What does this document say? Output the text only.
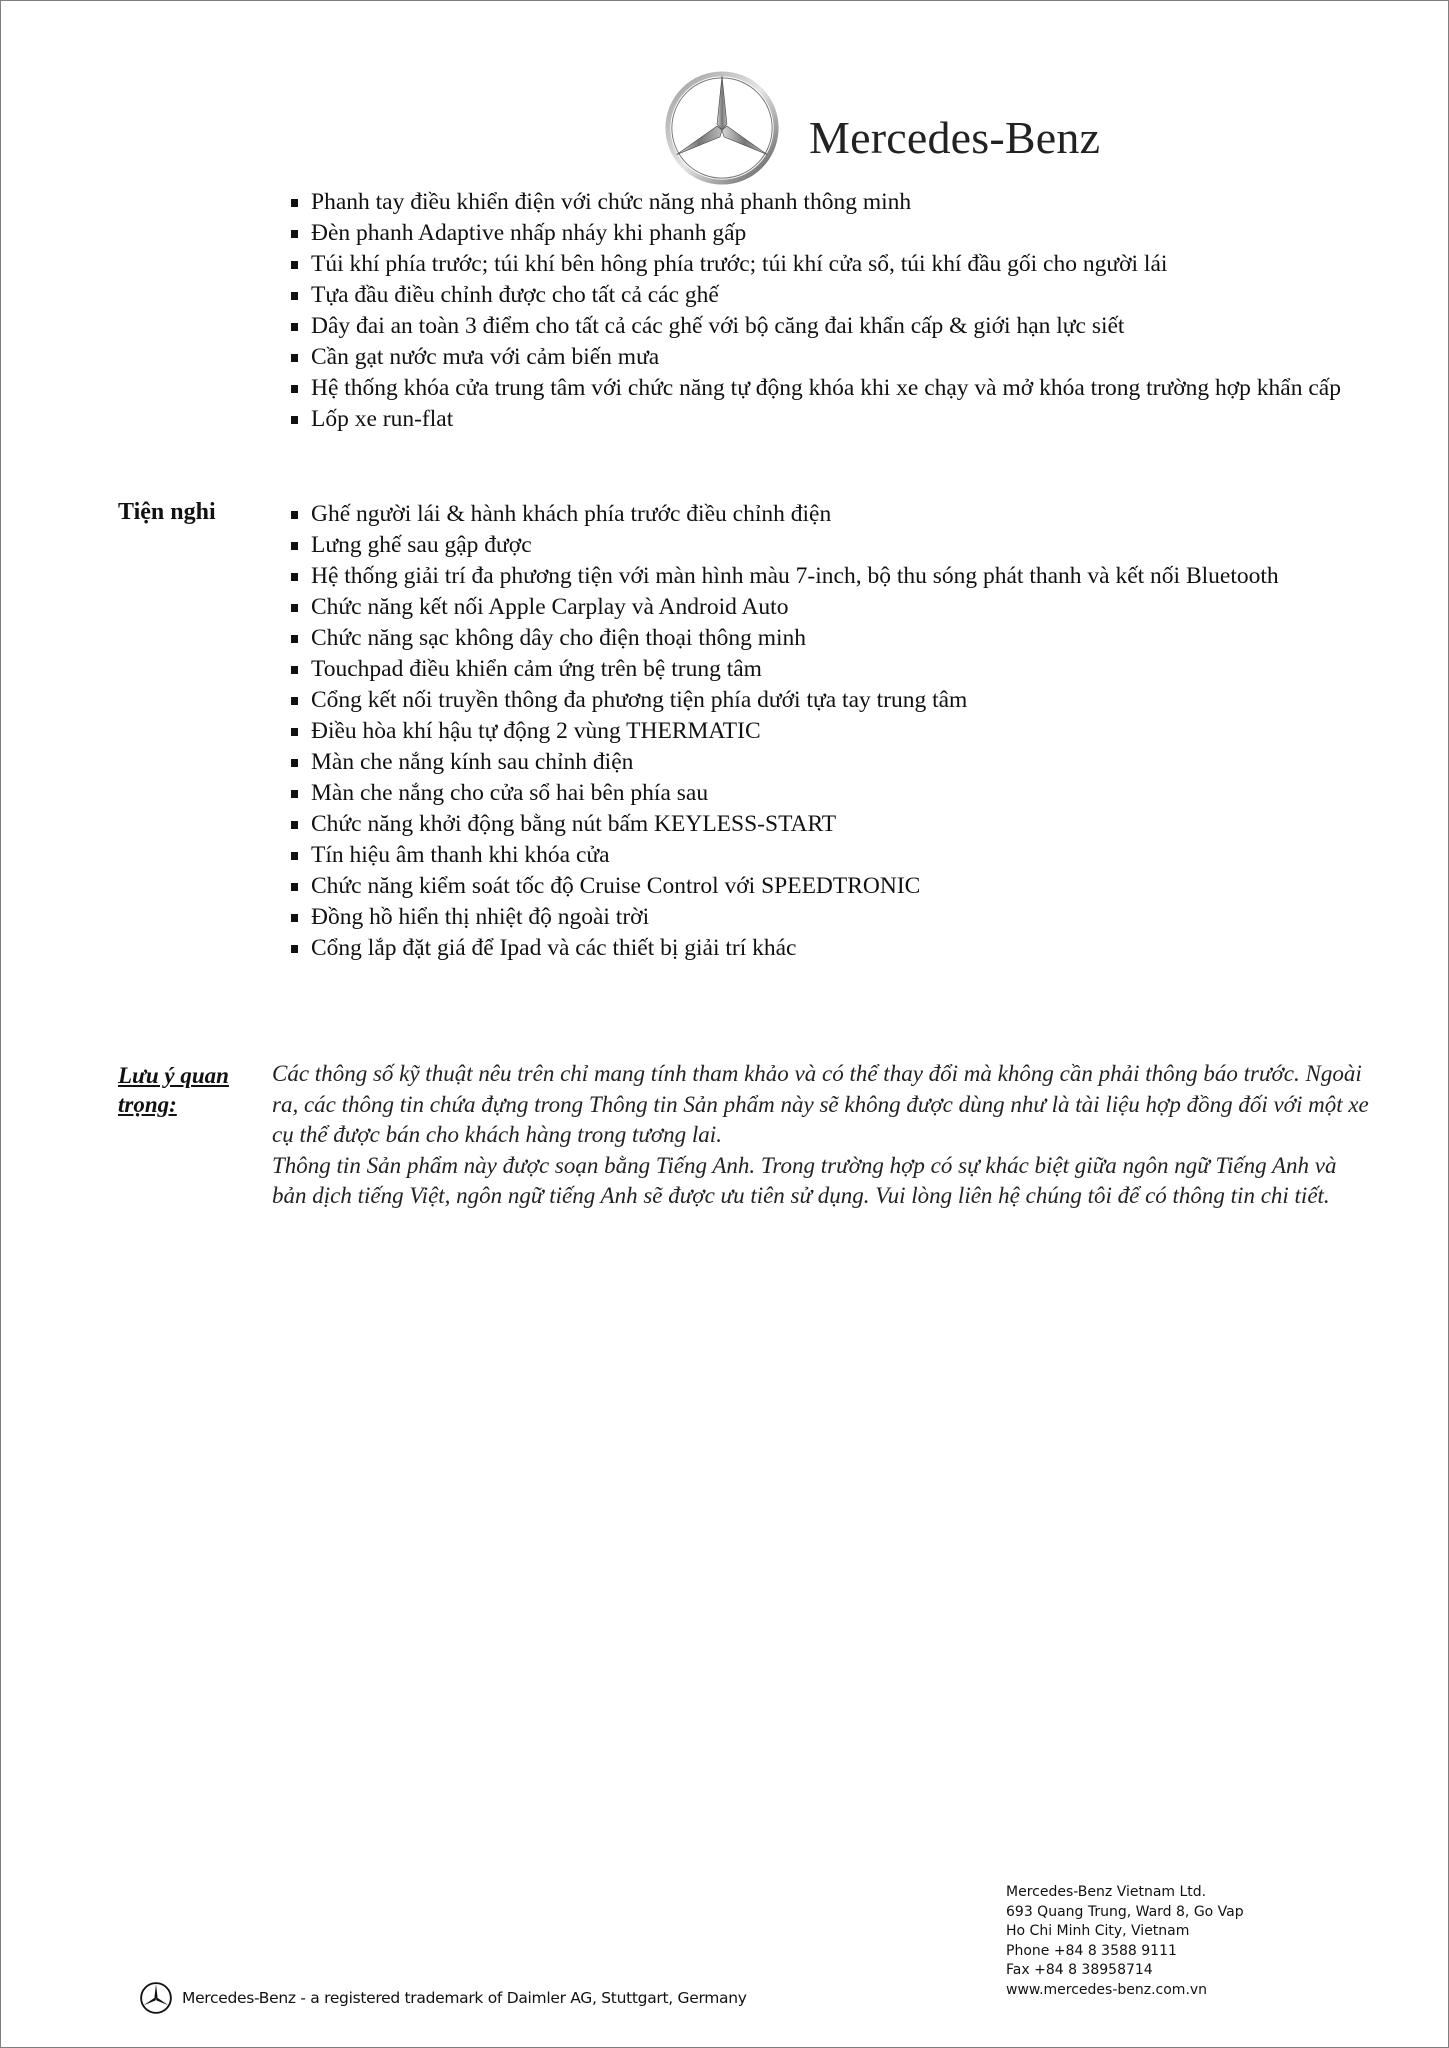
Mercedes-Benz
Phanh tay điều khiển điện với chức năng nhả phanh thông minh
Đèn phanh Adaptive nhấp nháy khi phanh gấp
Túi khí phía trước; túi khí bên hông phía trước; túi khí cửa sổ, túi khí đầu gối cho người lái
Tựa đầu điều chỉnh được cho tất cả các ghế
Dây đai an toàn 3 điểm cho tất cả các ghế với bộ căng đai khẩn cấp & giới hạn lực siết
Cần gạt nước mưa với cảm biến mưa
Hệ thống khóa cửa trung tâm với chức năng tự động khóa khi xe chạy và mở khóa trong trường hợp khẩn cấp
Lốp xe run-flat
Tiện nghi	Ghế người lái & hành khách phía trước điều chỉnh điện
Lưng ghế sau gập được
Hệ thống giải trí đa phương tiện với màn hình màu 7-inch, bộ thu sóng phát thanh và kết nối Bluetooth
Chức năng kết nối Apple Carplay và Android Auto
Chức năng sạc không dây cho điện thoại thông minh
Touchpad điều khiển cảm ứng trên bệ trung tâm
Cổng kết nối truyền thông đa phương tiện phía dưới tựa tay trung tâm
Điều hòa khí hậu tự động 2 vùng THERMATIC
Màn che nắng kính sau chỉnh điện
Màn che nắng cho cửa sổ hai bên phía sau
Chức năng khởi động bằng nút bấm KEYLESS-START
Tín hiệu âm thanh khi khóa cửa
Chức năng kiểm soát tốc độ Cruise Control với SPEEDTRONIC
Đồng hồ hiển thị nhiệt độ ngoài trời
Cổng lắp đặt giá để Ipad và các thiết bị giải trí khác
Lưu ý quan trọng:

Các thông số kỹ thuật nêu trên chỉ mang tính tham khảo và có thể thay đổi mà không cần phải thông báo trước. Ngoài ra, các thông tin chứa đựng trong Thông tin Sản phẩm này sẽ không được dùng như là tài liệu hợp đồng đối với một xe cụ thể được bán cho khách hàng trong tương lai.

Thông tin Sản phẩm này được soạn bằng Tiếng Anh. Trong trường hợp có sự khác biệt giữa ngôn ngữ Tiếng Anh và bản dịch tiếng Việt, ngôn ngữ tiếng Anh sẽ được ưu tiên sử dụng. Vui lòng liên hệ chúng tôi để có thông tin chi tiết.

Mercedes-Benz Vietnam Ltd.
693 Quang Trung, Ward 8, Go Vap
Ho Chi Minh City, Vietnam
Phone +84 8 3588 9111
Fax +84 8 38958714
www.mercedes-benz.com.vn
Mercedes-Benz - a registered trademark of Daimler AG, Stuttgart, Germany
